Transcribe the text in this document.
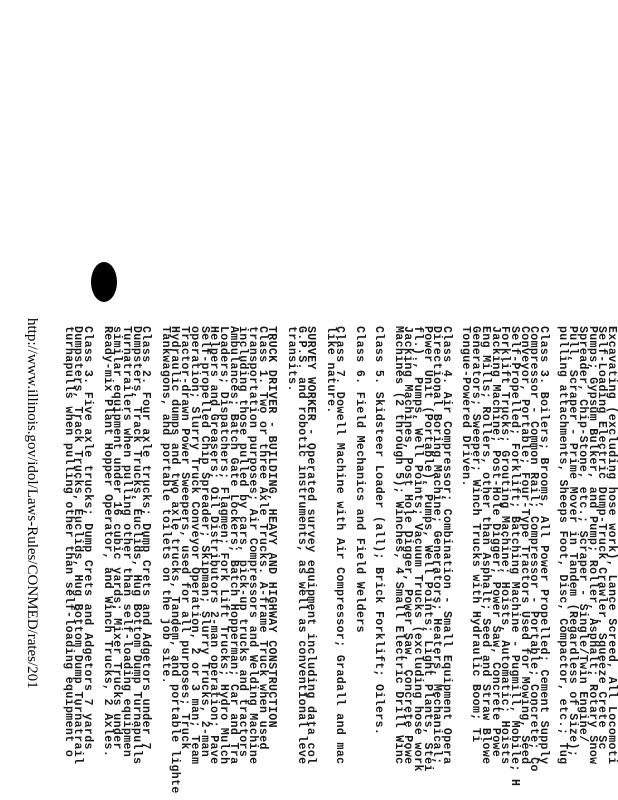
Excavating (excluding hose work), Lance Screed, All Locomoti
Self-Loading Electric Dump-Truck Crawler, Squeeze Crete Sc
Pumps; Gypsum Bulker, and Pump; Roller, Asphalt; Rotary Snow
Spreader, Chip-Stone, etc.; Scraper - Single/Twin Engine/
Pull, Scraper - Prime Mover in Tandem (Regardless of Size);
pulling attachments, Sheeps Foot, Disc, Compactor, etc.; Tug
Class 3. Boilers; Brooms, All Power Propelled; Cement Supply
Compressor - Common Rail; Compressor - Portable; Concrete; Co
Conveyor, Portable; Four-Type Tractors Used for Mowing, Seed
Self-Propelled; Forklift; Batching Machine - Pugmill, Mobile; H
Forklift Trucks; Grouting Machine; Hoists, Automatic; Hoists
Jacking Machine; Post-Hole Digger; Power Saw, Concrete Powe
Eng Mills; Rollers, other than Asphalt; Seed and Straw Blowe
Generators; Sweeper; Winch Trucks with Hydraulic Boom; Ti
Tongue-Powered Driven.
Class 4. Air Compressor; Combination - Small Equipment Opera
Directional Boring Machine; Generators; Heaters, Mechanical;
Power Unit (Portable), Pumps, Well Points; Light Plants, Stei
fl.)., Pumps, Well Points; Vacuum Trucks (excluding hose work
Jacking Machines, Post Hole Digger, Power Saw, Concrete Powe
Machines (2 through 5); Winches, 4 Small Electric Drill Winc
Class 5. Skidsteer Loader (all); Brick Forklift; Oilers.
Class 6. Field Mechanics and Field Welders
Class 7. Dowell Machine with Air Compressor; Gradall and mac
like nature.
SURVEY WORKER - Operated survey equipment including data col
G.P.S. and robotic instruments, as well as conventional leve
transits.
TRUCK DRIVER - BUILDING, HEAVY AND HIGHWAY CONSTRUCTION
Class 1. Two or three Axle Trucks. A-frame Truck when used
transportation purposes; Air Compressors and Welding Machine
including those pulled by cars, pick-up trucks and tractors
Ambulances; Batch Gate Lockers; Batch Hopperman; Car and Tra
Loaders; Dispatchers; Flagmen; Fork Lift Trucks; Hydro Mulch
Helpers and Greasers; Oil Distributors 2-man operation; Pave
Self-propelled Chip Spreader; Skipman; Slurry Trucks, 2-man
operation; Slurry Truck Conveyor Operation, 2 or 3 man; Team
Tractor-drawn Power Sweepers, used for all purposes; Truck
Hydraulic dumps and two axle trucks, Tandem, and portable lighte
Tankwagons, and portable toilets on the job site.
Class 2. Four axle trucks; Dump Crets and Adgetors under 7
Dumpsters, Track Trucks, Euclids, Hug Bottom Dump Turnapulls
Turnatrailers when pulling other than self-loading equipmen
similar equipment under 16 cubic yards; Mixer Trucks under
Ready-mix Plant Hopper Operator, and Winch Trucks, 2 Axles.
Class 3. Five axle trucks; Dump Crets and Adgetors 7 yards
Dumpsters, Track Trucks, Euclids, Hug Bottom Dump Turnatrail
turnapulls when pulling other than self-loading equipment o
http://www.illinois.gov/idol/Laws-Rules/CONMED/rates/201
